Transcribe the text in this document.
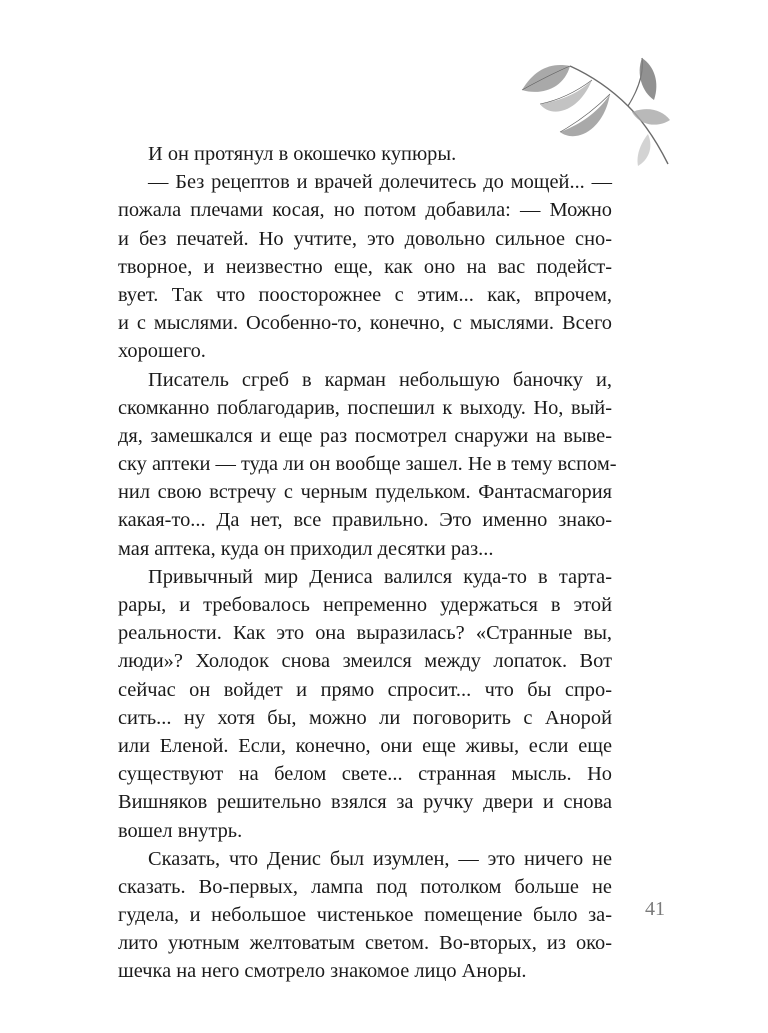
И он протянул в окошечко купюры.
— Без рецептов и врачей долечитесь до мощей... —
пожала плечами косая, но потом добавила: — Можно
и без печатей. Но учтите, это довольно сильное сно-
творное, и неизвестно еще, как оно на вас подейст-
вует. Так что поосторожнее с этим... как, впрочем,
и с мыслями. Особенно-то, конечно, с мыслями. Всего
хорошего.
Писатель сгреб в карман небольшую баночку и,
скомканно поблагодарив, поспешил к выходу. Но, вый-
дя, замешкался и еще раз посмотрел снаружи на выве-
ску аптеки — туда ли он вообще зашел. Не в тему вспом-
нил свою встречу с черным пудельком. Фантасмагория
какая-то... Да нет, все правильно. Это именно знако-
мая аптека, куда он приходил десятки раз...
Привычный мир Дениса валился куда-то в тарта-
рары, и требовалось непременно удержаться в этой
реальности. Как это она выразилась? «Странные вы,
люди»? Холодок снова змеился между лопаток. Вот
сейчас он войдет и прямо спросит... что бы спро-
сить... ну хотя бы, можно ли поговорить с Анорой
или Еленой. Если, конечно, они еще живы, если еще
существуют на белом свете... странная мысль. Но
Вишняков решительно взялся за ручку двери и снова
вошел внутрь.
Сказать, что Денис был изумлен, — это ничего не
сказать. Во-первых, лампа под потолком больше не
гудела, и небольшое чистенькое помещение было за-
лито уютным желтоватым светом. Во-вторых, из око-
шечка на него смотрело знакомое лицо Аноры.
41
